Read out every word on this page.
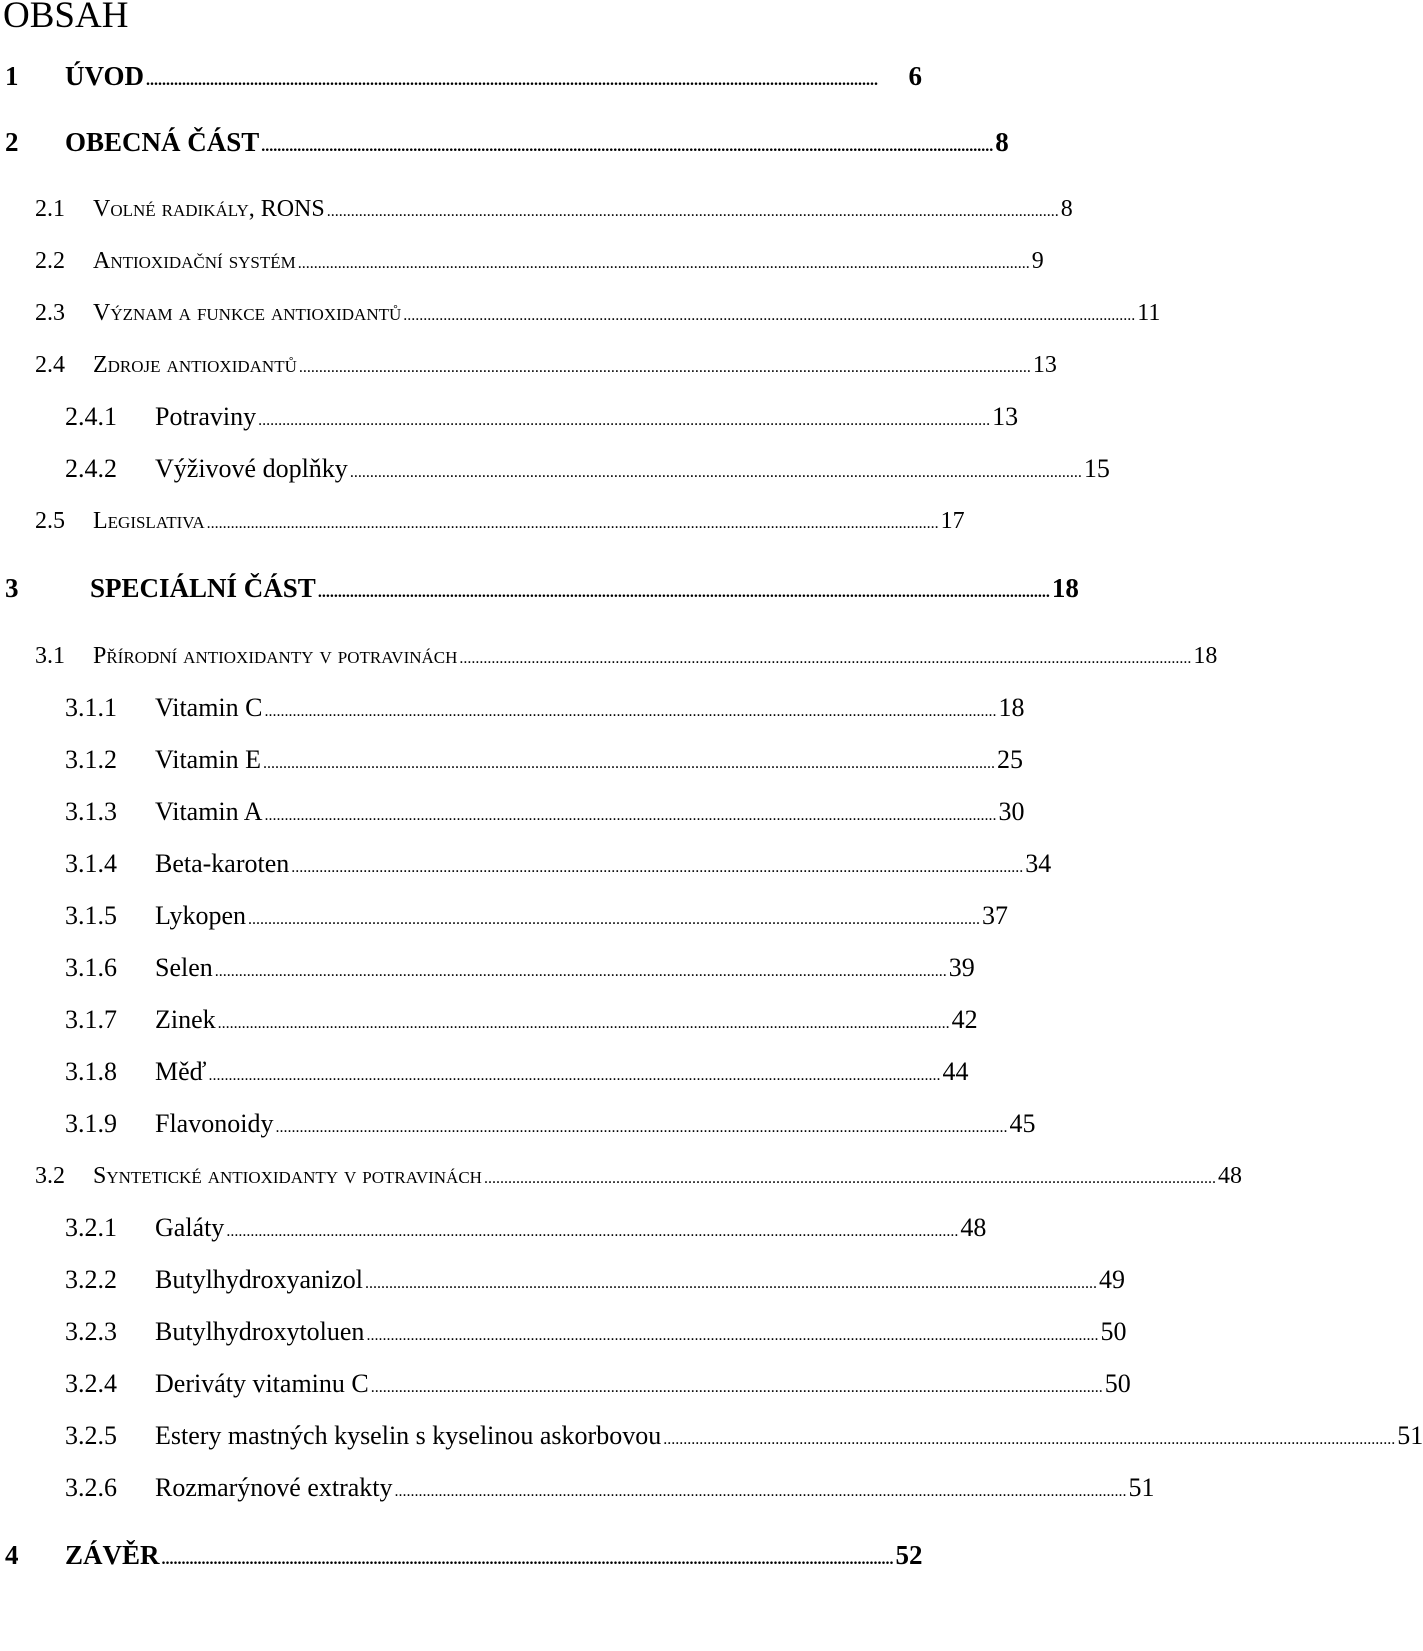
OBSAH
1	ÚVOD .......................................................................................................................................................................................	6
2	OBECNÁ ČÁST ....................................................................................................................................................................................... 8
2.1	Volné radikály, RONS ....................................................................................................................................................................................... 8
2.2	Antioxidační systém ....................................................................................................................................................................................... 9
2.3	Význam a funkce antioxidantů ....................................................................................................................................................................................... 11
2.4	Zdroje antioxidantů ....................................................................................................................................................................................... 13
2.4.1	Potraviny ....................................................................................................................................................................................... 13
2.4.2	Výživové doplňky ....................................................................................................................................................................................... 15
2.5	Legislativa ....................................................................................................................................................................................... 17
3	SPECIÁLNÍ ČÁST ....................................................................................................................................................................................... 18
3.1	Přírodní antioxidanty v potravinách ....................................................................................................................................................................................... 18
3.1.1	Vitamin C ....................................................................................................................................................................................... 18
3.1.2	Vitamin E ....................................................................................................................................................................................... 25
3.1.3	Vitamin A ....................................................................................................................................................................................... 30
3.1.4	Beta-karoten ....................................................................................................................................................................................... 34
3.1.5	Lykopen ....................................................................................................................................................................................... 37
3.1.6	Selen ....................................................................................................................................................................................... 39
3.1.7	Zinek ....................................................................................................................................................................................... 42
3.1.8	Měď ....................................................................................................................................................................................... 44
3.1.9	Flavonoidy ....................................................................................................................................................................................... 45
3.2	Syntetické antioxidanty v potravinách ....................................................................................................................................................................................... 48
3.2.1	Galáty ....................................................................................................................................................................................... 48
3.2.2	Butylhydroxyanizol ....................................................................................................................................................................................... 49
3.2.3	Butylhydroxytoluen ....................................................................................................................................................................................... 50
3.2.4	Deriváty vitaminu C ....................................................................................................................................................................................... 50
3.2.5	Estery mastných kyselin s kyselinou askorbovou ....................................................................................................................................................................................... 51
3.2.6	Rozmarýnové extrakty ....................................................................................................................................................................................... 51
4	ZÁVĚR ....................................................................................................................................................................................... 52
